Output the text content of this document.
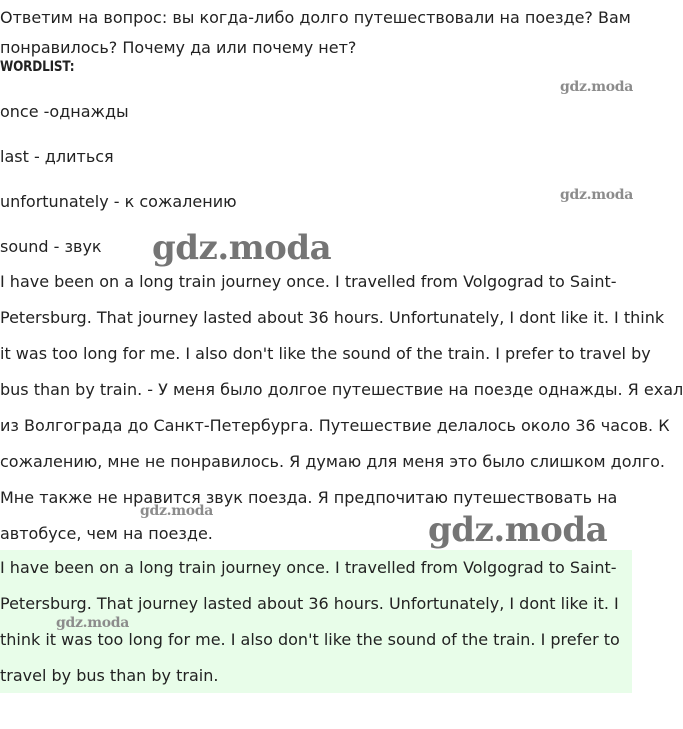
Ответим на вопрос: вы когда-либо долго путешествовали на поезде? Вам

понравилось? Почему да или почему нет?
WORDLIST:

once -однажды

last - длиться

unfortunately - к сожалению

sound - звук

I have been on a long train journey once. I travelled from Volgograd to Saint-
Petersburg. That journey lasted about 36 hours. Unfortunately, I dont like it. I think
it was too long for me. I also don't like the sound of the train. I prefer to travel by
bus than by train. - У меня было долгое путешествие на поезде однажды. Я ехал
из Волгограда до Санкт-Петербурга. Путешествие делалось около 36 часов. К
сожалению, мне не понравилось. Я думаю для меня это было слишком долго.
Мне также не нравится звук поезда. Я предпочитаю путешествовать на
автобусе, чем на поезде.
I have been on a long train journey once. I travelled from Volgograd to Saint-
Petersburg. That journey lasted about 36 hours. Unfortunately, I dont like it. I
think it was too long for me. I also don't like the sound of the train. I prefer to
travel by bus than by train.
gdz.moda
gdz.moda
gdz.moda
gdz.moda	gdz.moda
gdz.moda
